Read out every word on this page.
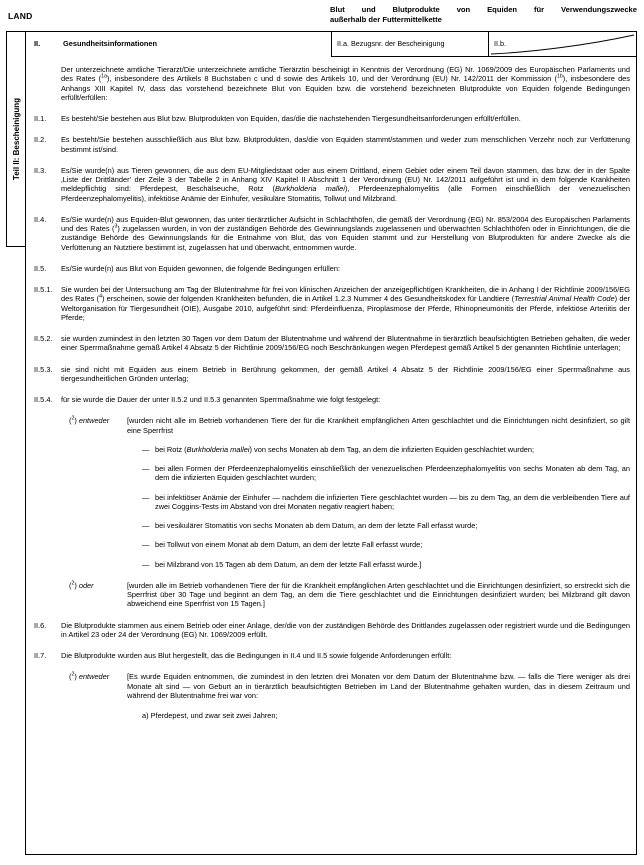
LAND
Blut und Blutprodukte von Equiden für Verwendungszwecke
außerhalb der Futtermittelkette
Teil II: Bescheinigung
II.	Gesundheitsinformationen	II.a. Bezugsnr. der Bescheinigung	II.b.
Der unterzeichnete amtliche Tierarzt/Die unterzeichnete amtliche Tierärztin bescheinigt in Kenntnis der Verordnung (EG) Nr. 1069/2009 des Europäischen Parlaments und des Rates ($^{1a}$), insbesondere des Artikels 8 Buchstaben c und d sowie des Artikels 10, und der Verordnung (EU) Nr. 142/2011 der Kommission ($^{1b}$), insbesondere des Anhangs XIII Kapitel IV, dass das vorstehend bezeichnete Blut von Equiden bzw. die vorstehend bezeichneten Blutprodukte von Equiden folgende Bedingungen erfüllt/erfüllen:
II.1.	Es besteht/Sie bestehen aus Blut bzw. Blutprodukten von Equiden, das/die die nachstehenden Tiergesundheitsanforderungen erfüllt/erfüllen.
II.2.	Es besteht/Sie bestehen ausschließlich aus Blut bzw. Blutprodukten, das/die von Equiden stammt/stammen und weder zum menschlichen Verzehr noch zur Verfütterung bestimmt ist/sind.
II.3.	Es/Sie wurde(n) aus Tieren gewonnen, die aus dem EU-Mitgliedstaat oder aus einem Drittland, einem Gebiet oder einem Teil davon stammen, das bzw. der in der Spalte ‚Liste der Drittländer’ der Zeile 3 der Tabelle 2 in Anhang XIV Kapitel II Abschnitt 1 der Verordnung (EU) Nr. 142/2011 aufgeführt ist und in dem folgende Krankheiten meldepflichtig sind: Pferdepest, Beschälseuche, Rotz (Burkholderia mallei), Pferdeenzephalomyelitis (alle Formen einschließlich der venezuelischen Pferdeenzephalomyelitis), infektiöse Anämie der Einhufer, vesikuläre Stomatitis, Tollwut und Milzbrand.
II.4.	Es/Sie wurde(n) aus Equiden-Blut gewonnen, das unter tierärztlicher Aufsicht in Schlachthöfen, die gemäß der Verordnung (EG) Nr. 853/2004 des Europäischen Parlaments und des Rates ($^3$) zugelassen wurden, in von der zuständigen Behörde des Gewinnungslands zugelassenen und überwachten Schlachthöfen oder in Einrichtungen, die die zuständige Behörde des Gewinnungslands für die Entnahme von Blut, das von Equiden stammt und zur Herstellung von Blutprodukten für andere Zwecke als die Verfütterung an Nutztiere bestimmt ist, zugelassen hat und überwacht, entnommen wurde.
II.5.	Es/Sie wurde(n) aus Blut von Equiden gewonnen, die folgende Bedingungen erfüllen:
II.5.1.	Sie wurden bei der Untersuchung am Tag der Blutentnahme für frei von klinischen Anzeichen der anzeigepflichtigen Krankheiten, die in Anhang I der Richtlinie 2009/156/EG des Rates ($^4$) erscheinen, sowie der folgenden Krankheiten befunden, die in Artikel 1.2.3 Nummer 4 des Gesundheitskodex für Landtiere (Terrestrial Animal Health Code) der Weltorganisation für Tiergesundheit (OIE), Ausgabe 2010, aufgeführt sind: Pferdeinfluenza, Piroplasmose der Pferde, Rhinopneumonitis der Pferde, infektiöse Arteriitis der Pferde;
II.5.2.	sie wurden zumindest in den letzten 30 Tagen vor dem Datum der Blutentnahme und während der Blutentnahme in tierärztlich beaufsichtigten Betrieben gehalten, die weder einer Sperrmaßnahme gemäß Artikel 4 Absatz 5 der Richtlinie 2009/156/EG noch Beschränkungen wegen Pferdepest gemäß Artikel 5 der genannten Richtlinie unterlagen;
II.5.3.	sie sind nicht mit Equiden aus einem Betrieb in Berührung gekommen, der gemäß Artikel 4 Absatz 5 der Richtlinie 2009/156/EG einer Sperrmaßnahme aus tiergesundheitlichen Gründen unterlag;
II.5.4.	für sie wurde die Dauer der unter II.5.2 und II.5.3 genannten Sperrmaßnahme wie folgt festgelegt:
($^2$) entweder	[wurden nicht alle im Betrieb vorhandenen Tiere der für die Krankheit empfänglichen Arten geschlachtet und die Einrichtungen nicht desinfiziert, so gilt eine Sperrfrist
— bei Rotz (Burkholderia mallei) von sechs Monaten ab dem Tag, an dem die infizierten Equiden geschlachtet wurden;
— bei allen Formen der Pferdeenzephalomyelitis einschließlich der venezuelischen Pferdeenzephalomyelitis von sechs Monaten ab dem Tag, an dem die infizierten Equiden geschlachtet wurden;
— bei infektiöser Anämie der Einhufer — nachdem die infizierten Tiere geschlachtet wurden — bis zu dem Tag, an dem die verbleibenden Tiere auf zwei Coggins-Tests im Abstand von drei Monaten negativ reagiert haben;
— bei vesikulärer Stomatitis von sechs Monaten ab dem Datum, an dem der letzte Fall erfasst wurde;
— bei Tollwut von einem Monat ab dem Datum, an dem der letzte Fall erfasst wurde;
— bei Milzbrand von 15 Tagen ab dem Datum, an dem der letzte Fall erfasst wurde.]
($^2$) oder	[wurden alle im Betrieb vorhandenen Tiere der für die Krankheit empfänglichen Arten geschlachtet und die Einrichtungen desinfiziert, so erstreckt sich die Sperrfrist über 30 Tage und beginnt an dem Tag, an dem die Tiere geschlachtet und die Einrichtungen desinfiziert wurden; bei Milzbrand gilt davon abweichend eine Sperrfrist von 15 Tagen.]
II.6.	Die Blutprodukte stammen aus einem Betrieb oder einer Anlage, der/die von der zuständigen Behörde des Drittlandes zugelassen oder registriert wurde und die Bedingungen in Artikel 23 oder 24 der Verordnung (EG) Nr. 1069/2009 erfüllt.
II.7.	Die Blutprodukte wurden aus Blut hergestellt, das die Bedingungen in II.4 und II.5 sowie folgende Anforderungen erfüllt:
($^2$) entweder	[Es wurde Equiden entnommen, die zumindest in den letzten drei Monaten vor dem Datum der Blutentnahme bzw. — falls die Tiere weniger als drei Monate alt sind — von Geburt an in tierärztlich beaufsichtigten Betrieben im Land der Blutentnahme gehalten wurden, das in diesem Zeitraum und während der Blutentnahme frei war von:
a) Pferdepest, und zwar seit zwei Jahren;
